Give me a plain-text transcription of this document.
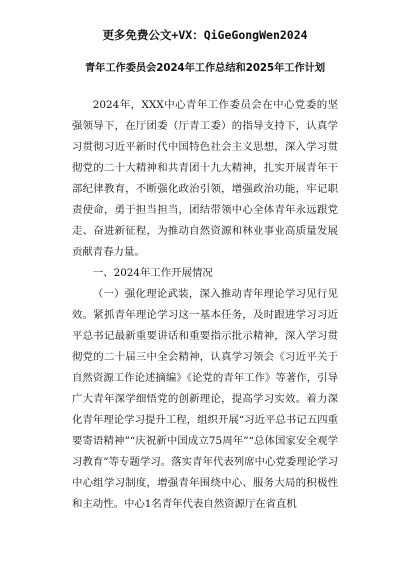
更多免费公文+VX：QiGeGongWen2024
青年工作委员会2024年工作总结和2025年工作计划

2024年，XXX中心青年工作委员会在中心党委的坚强领导下，在厅团委（厅青工委）的指导支持下，认真学习贯彻习近平新时代中国特色社会主义思想，深入学习贯彻党的二十大精神和共青团十九大精神，扎实开展青年干部纪律教育，不断强化政治引领，增强政治功能，牢记职责使命，勇于担当担当，团结带领中心全体青年永远跟党走、奋进新征程，为推动自然资源和林业事业高质量发展贡献青春力量。

一、2024年工作开展情况

（一）强化理论武装，深入推动青年理论学习见行见效。紧抓青年理论学习这一基本任务，及时跟进学习习近平总书记最新重要讲话和重要指示批示精神，深入学习贯彻党的二十届三中全会精神，认真学习领会《习近平关于自然资源工作论述摘编》《论党的青年工作》等著作，引导广大青年深学细悟党的创新理论，提高学习实效。着力深化青年理论学习提升工程，组织开展“习近平总书记五四重要寄语精神”“庆祝新中国成立75周年”“总体国家安全观学习教育”等专题学习。落实青年代表列席中心党委理论学习中心组学习制度，增强青年围绕中心、服务大局的积极性和主动性。中心1名青年代表自然资源厅在省直机
